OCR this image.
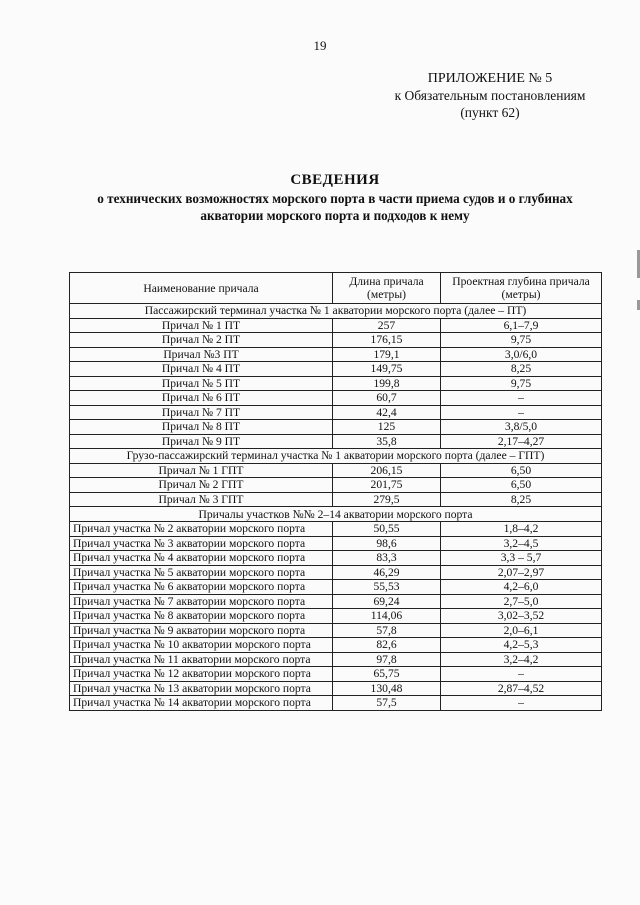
19
ПРИЛОЖЕНИЕ № 5
к Обязательным постановлениям
(пункт 62)
СВЕДЕНИЯ
о технических возможностях морского порта в части приема судов и о глубинах
акватории морского порта и подходов к нему
Наименование причала	Длина причала (метры)	Проектная глубина причала (метры)
Пассажирский терминал участка № 1 акватории морского порта (далее – ПТ)		
Причал № 1 ПТ	257	6,1–7,9
Причал № 2 ПТ	176,15	9,75
Причал №3 ПТ	179,1	3,0/6,0
Причал № 4 ПТ	149,75	8,25
Причал № 5 ПТ	199,8	9,75
Причал № 6 ПТ	60,7	–
Причал № 7 ПТ	42,4	–
Причал № 8 ПТ	125	3,8/5,0
Причал № 9 ПТ	35,8	2,17–4,27
Грузо-пассажирский терминал участка № 1 акватории морского порта (далее – ГПТ)		
Причал № 1 ГПТ	206,15	6,50
Причал № 2 ГПТ	201,75	6,50
Причал № 3 ГПТ	279,5	8,25
Причалы участков №№ 2–14 акватории морского порта		
Причал участка № 2 акватории морского порта	50,55	1,8–4,2
Причал участка № 3 акватории морского порта	98,6	3,2–4,5
Причал участка № 4 акватории морского порта	83,3	3,3 – 5,7
Причал участка № 5 акватории морского порта	46,29	2,07–2,97
Причал участка № 6 акватории морского порта	55,53	4,2–6,0
Причал участка № 7 акватории морского порта	69,24	2,7–5,0
Причал участка № 8 акватории морского порта	114,06	3,02–3,52
Причал участка № 9 акватории морского порта	57,8	2,0–6,1
Причал участка № 10 акватории морского порта	82,6	4,2–5,3
Причал участка № 11 акватории морского порта	97,8	3,2–4,2
Причал участка № 12 акватории морского порта	65,75	–
Причал участка № 13 акватории морского порта	130,48	2,87–4,52
Причал участка № 14 акватории морского порта	57,5	–
